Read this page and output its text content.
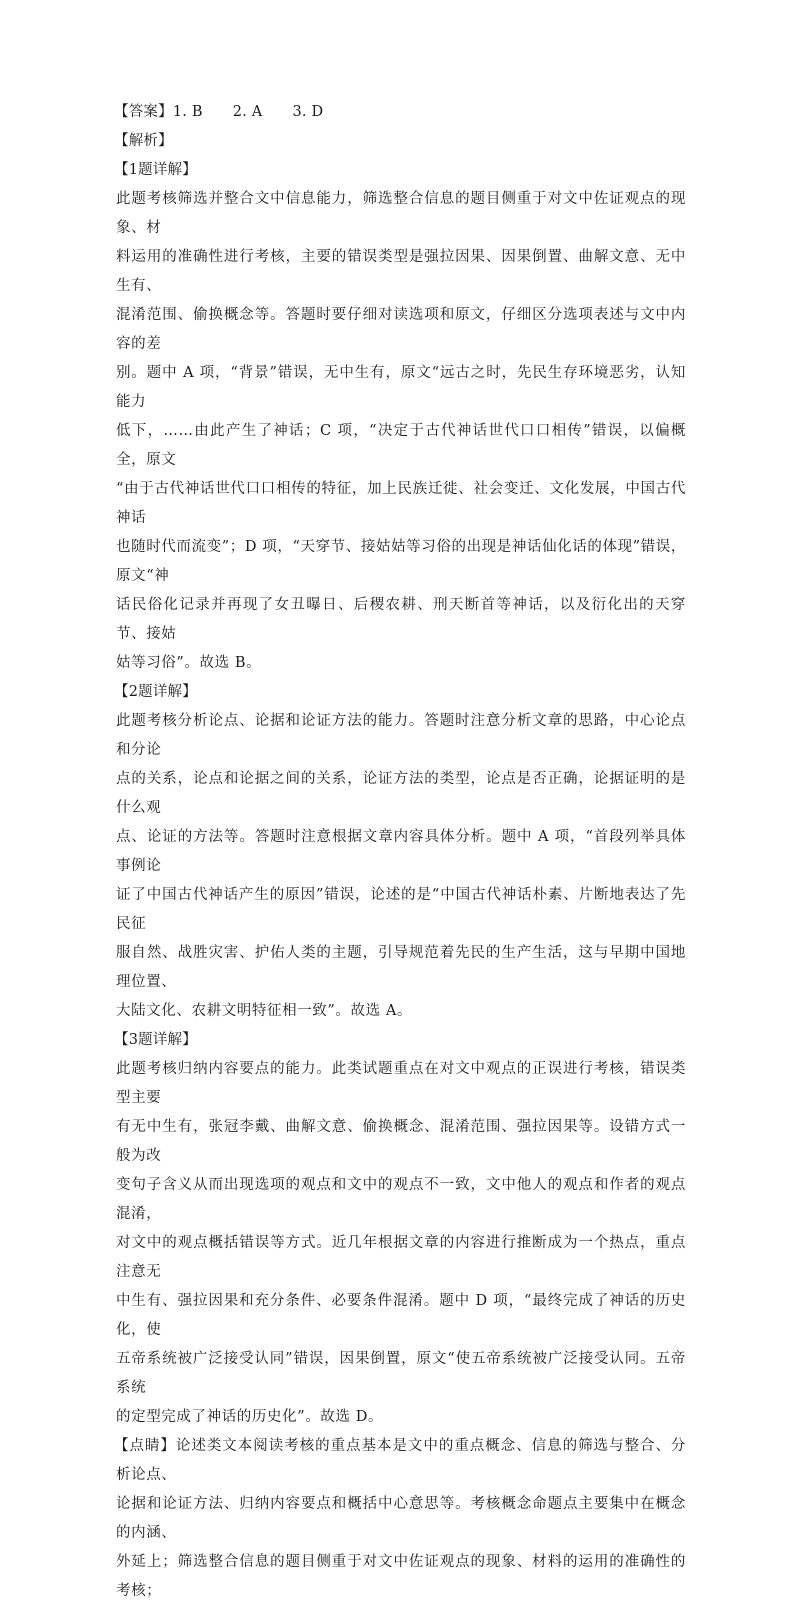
【答案】1. B 2. A 3. D
【解析】
【1题详解】

此题考核筛选并整合文中信息能力，筛选整合信息的题目侧重于对文中佐证观点的现象、材

料运用的准确性进行考核，主要的错误类型是强拉因果、因果倒置、曲解文意、无中生有、

混淆范围、偷换概念等。答题时要仔细对读选项和原文，仔细区分选项表述与文中内容的差

别。题中 A 项，“背景”错误，无中生有，原文“远古之时，先民生存环境恶劣，认知能力

低下，……由此产生了神话；C 项，“决定于古代神话世代口口相传”错误，以偏概全，原文

“由于古代神话世代口口相传的特征，加上民族迁徙、社会变迁、文化发展，中国古代神话

也随时代而流变”；D 项，“天穿节、接姑姑等习俗的出现是神话仙化话的体现”错误，原文“神

话民俗化记录并再现了女丑曝日、后稷农耕、刑天断首等神话，以及衍化出的天穿节、接姑

姑等习俗”。故选 B。

【2题详解】

此题考核分析论点、论据和论证方法的能力。答题时注意分析文章的思路，中心论点和分论

点的关系，论点和论据之间的关系，论证方法的类型，论点是否正确，论据证明的是什么观

点、论证的方法等。答题时注意根据文章内容具体分析。题中 A 项，“首段列举具体事例论

证了中国古代神话产生的原因”错误，论述的是“中国古代神话朴素、片断地表达了先民征

服自然、战胜灾害、护佑人类的主题，引导规范着先民的生产生活，这与早期中国地理位置、

大陆文化、农耕文明特征相一致”。故选 A。

【3题详解】

此题考核归纳内容要点的能力。此类试题重点在对文中观点的正误进行考核，错误类型主要

有无中生有，张冠李戴、曲解文意、偷换概念、混淆范围、强拉因果等。设错方式一般为改

变句子含义从而出现选项的观点和文中的观点不一致，文中他人的观点和作者的观点混淆，

对文中的观点概括错误等方式。近几年根据文章的内容进行推断成为一个热点，重点注意无

中生有、强拉因果和充分条件、必要条件混淆。题中 D 项，“最终完成了神话的历史化，使

五帝系统被广泛接受认同”错误，因果倒置，原文“使五帝系统被广泛接受认同。五帝系统

的定型完成了神话的历史化”。故选 D。

【点睛】论述类文本阅读考核的重点基本是文中的重点概念、信息的筛选与整合、分析论点、

论据和论证方法、归纳内容要点和概括中心意思等。考核概念命题点主要集中在概念的内涵、

外延上；筛选整合信息的题目侧重于对文中佐证观点的现象、材料的运用的准确性的考核；
